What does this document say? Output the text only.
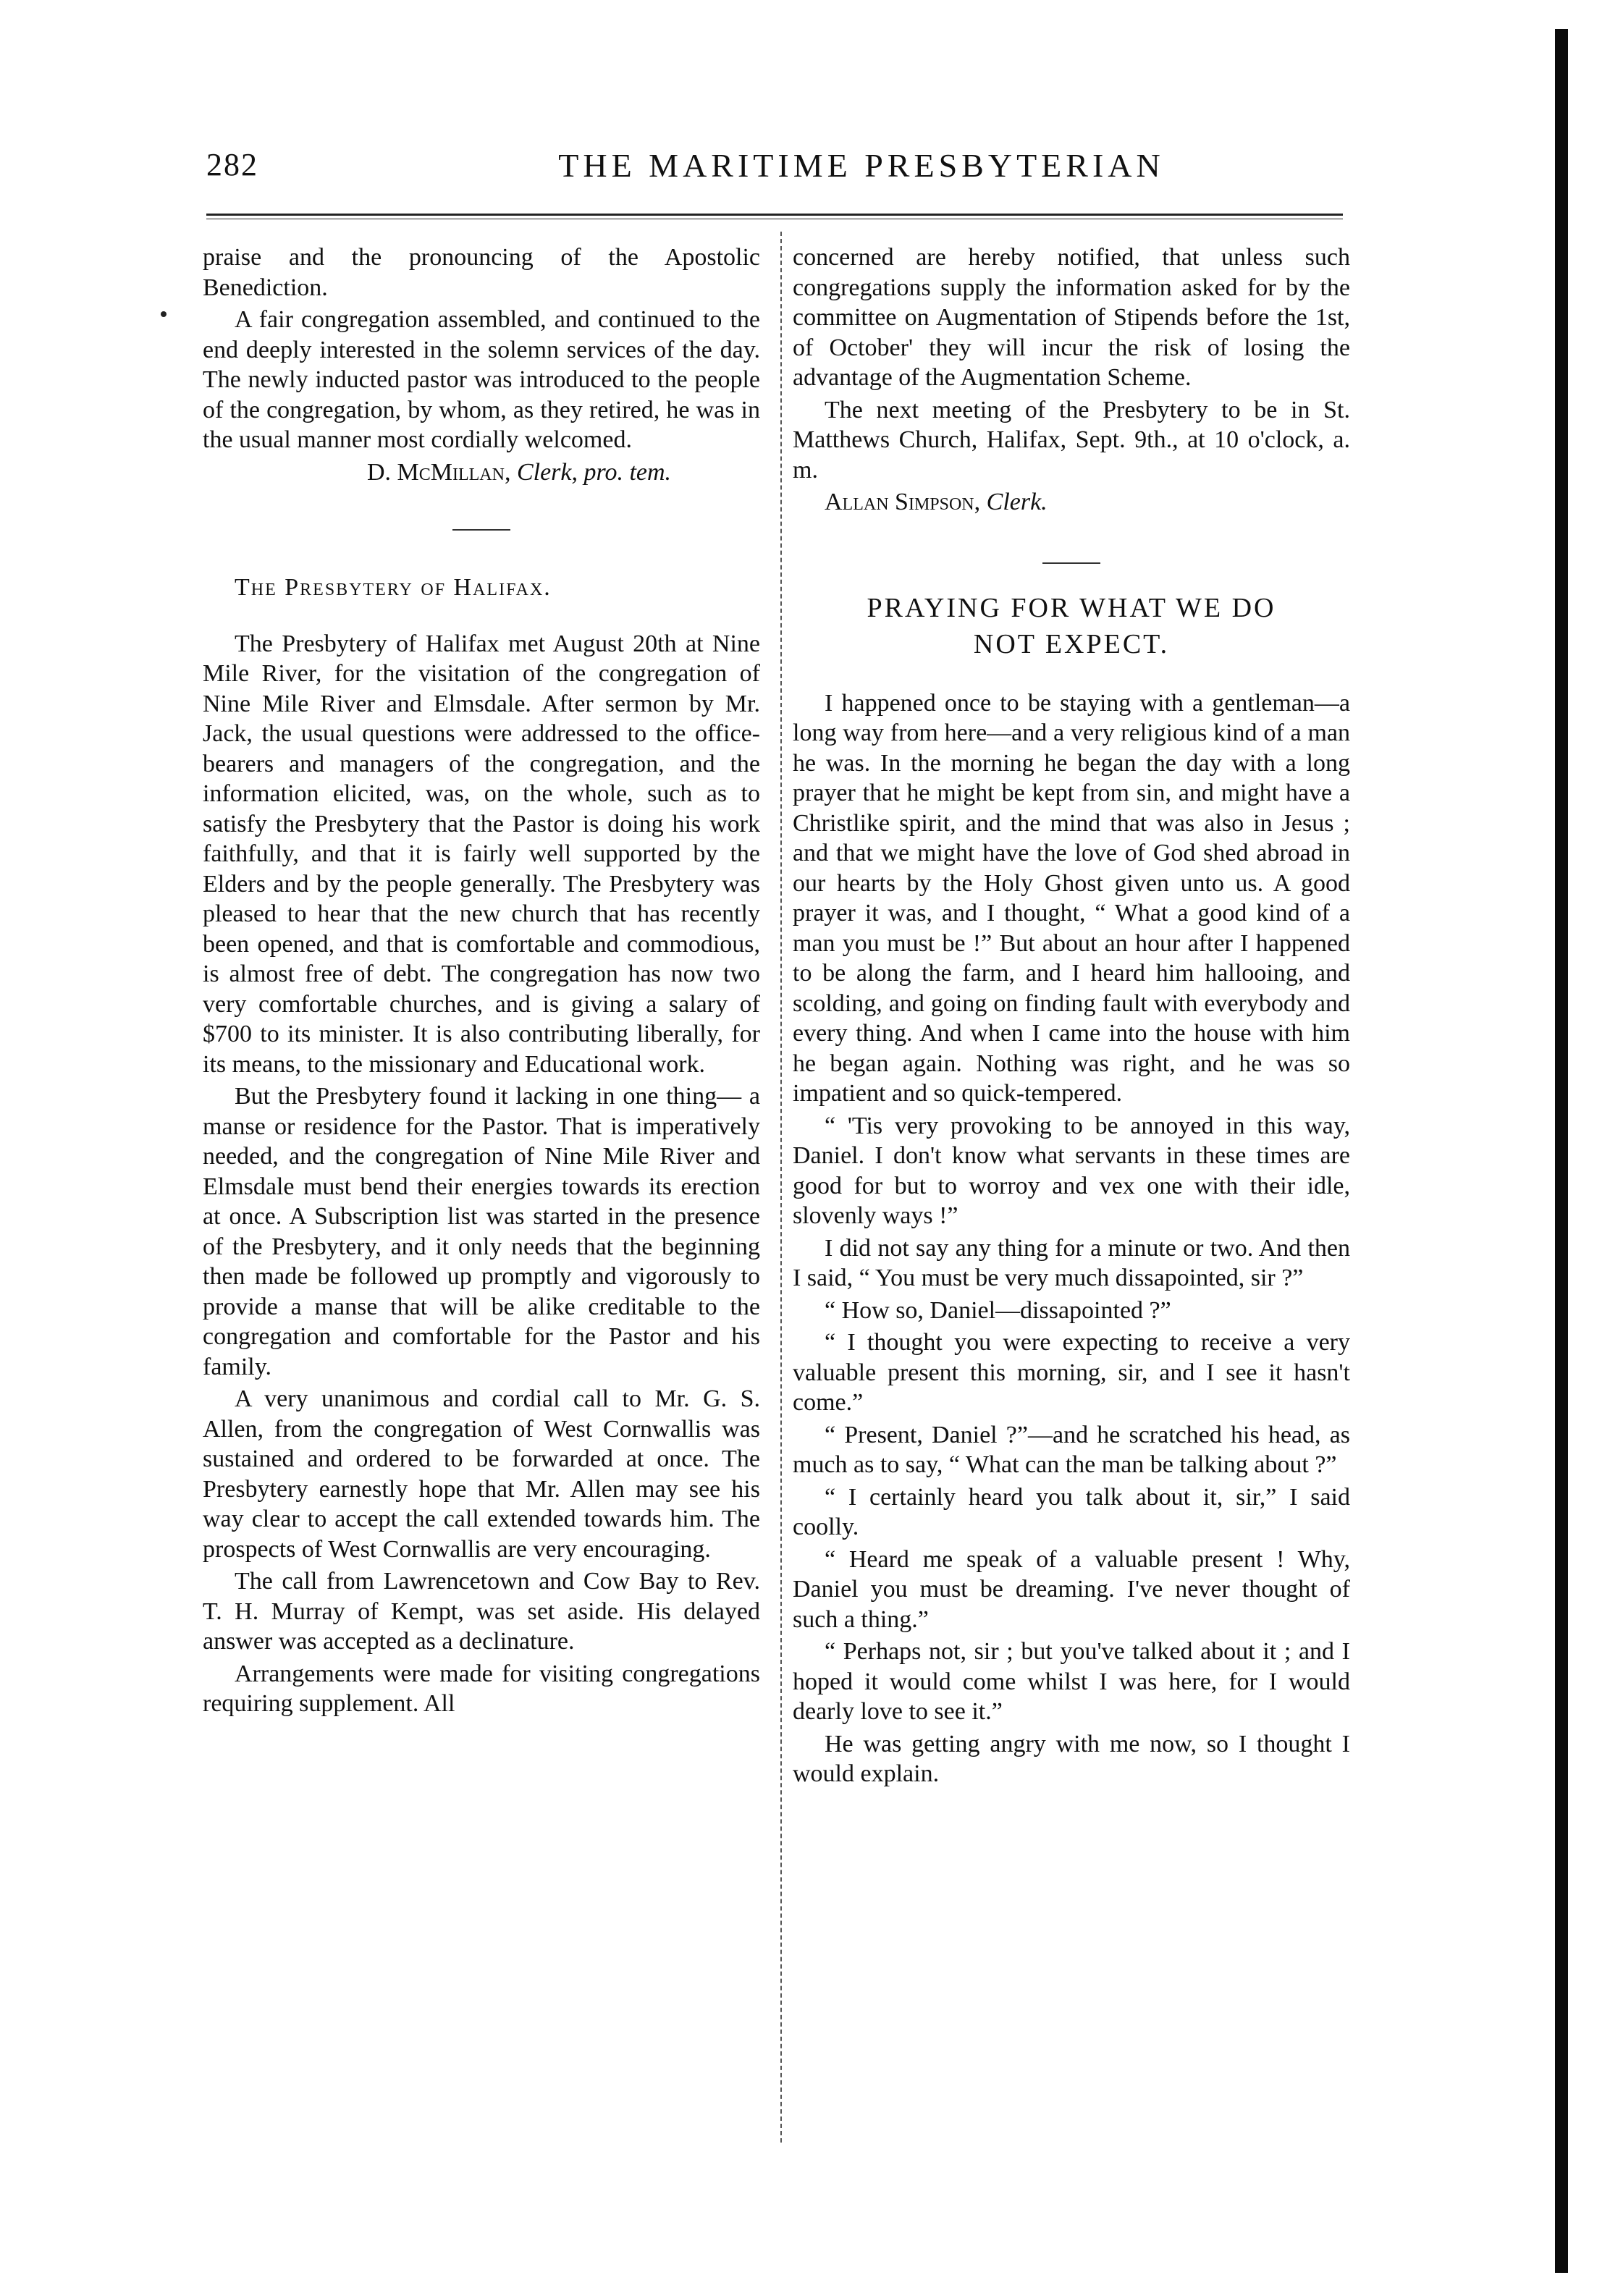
282	THE MARITIME PRESBYTERIAN

praise and the pronouncing of the Apostolic Benediction.

A fair congregation assembled, and continued to the end deeply interested in the solemn services of the day. The newly inducted pastor was introduced to the people of the congregation, by whom, as they retired, he was in the usual manner most cordially welcomed.

D. McMillan, Clerk, pro. tem.

The Presbytery of Halifax.

The Presbytery of Halifax met August 20th at Nine Mile River, for the visitation of the congregation of Nine Mile River and Elmsdale. After sermon by Mr. Jack, the usual questions were addressed to the office-bearers and managers of the congregation, and the information elicited, was, on the whole, such as to satisfy the Presbytery that the Pastor is doing his work faithfully, and that it is fairly well supported by the Elders and by the people generally. The Presbytery was pleased to hear that the new church that has recently been opened, and that is comfortable and commodious, is almost free of debt. The congregation has now two very comfortable churches, and is giving a salary of $700 to its minister. It is also contributing liberally, for its means, to the missionary and Educational work.

But the Presbytery found it lacking in one thing— a manse or residence for the Pastor. That is imperatively needed, and the congregation of Nine Mile River and Elmsdale must bend their energies towards its erection at once. A Subscription list was started in the presence of the Presbytery, and it only needs that the beginning then made be followed up promptly and vigorously to provide a manse that will be alike creditable to the congregation and comfortable for the Pastor and his family.

A very unanimous and cordial call to Mr. G. S. Allen, from the congregation of West Cornwallis was sustained and ordered to be forwarded at once. The Presbytery earnestly hope that Mr. Allen may see his way clear to accept the call extended towards him. The prospects of West Cornwallis are very encouraging.

The call from Lawrencetown and Cow Bay to Rev. T. H. Murray of Kempt, was set aside. His delayed answer was accepted as a declinature.

Arrangements were made for visiting congregations requiring supplement. All

concerned are hereby notified, that unless such congregations supply the information asked for by the committee on Augmentation of Stipends before the 1st, of October' they will incur the risk of losing the advantage of the Augmentation Scheme.

The next meeting of the Presbytery to be in St. Matthews Church, Halifax, Sept. 9th., at 10 o'clock, a. m.

Allan Simpson, Clerk.

PRAYING FOR WHAT WE DO
NOT EXPECT.

I happened once to be staying with a gentleman—a long way from here—and a very religious kind of a man he was. In the morning he began the day with a long prayer that he might be kept from sin, and might have a Christlike spirit, and the mind that was also in Jesus ; and that we might have the love of God shed abroad in our hearts by the Holy Ghost given unto us. A good prayer it was, and I thought, “ What a good kind of a man you must be !” But about an hour after I happened to be along the farm, and I heard him hallooing, and scolding, and going on finding fault with everybody and every thing. And when I came into the house with him he began again. Nothing was right, and he was so impatient and so quick-tempered.

“ 'Tis very provoking to be annoyed in this way, Daniel. I don't know what servants in these times are good for but to worroy and vex one with their idle, slovenly ways !”

I did not say any thing for a minute or two. And then I said, “ You must be very much dissapointed, sir ?”

“ How so, Daniel—dissapointed ?”

“ I thought you were expecting to receive a very valuable present this morning, sir, and I see it hasn't come.”

“ Present, Daniel ?”—and he scratched his head, as much as to say, “ What can the man be talking about ?”

“ I certainly heard you talk about it, sir,” I said coolly.

“ Heard me speak of a valuable present ! Why, Daniel you must be dreaming. I've never thought of such a thing.”

“ Perhaps not, sir ; but you've talked about it ; and I hoped it would come whilst I was here, for I would dearly love to see it.”

He was getting angry with me now, so I thought I would explain.
